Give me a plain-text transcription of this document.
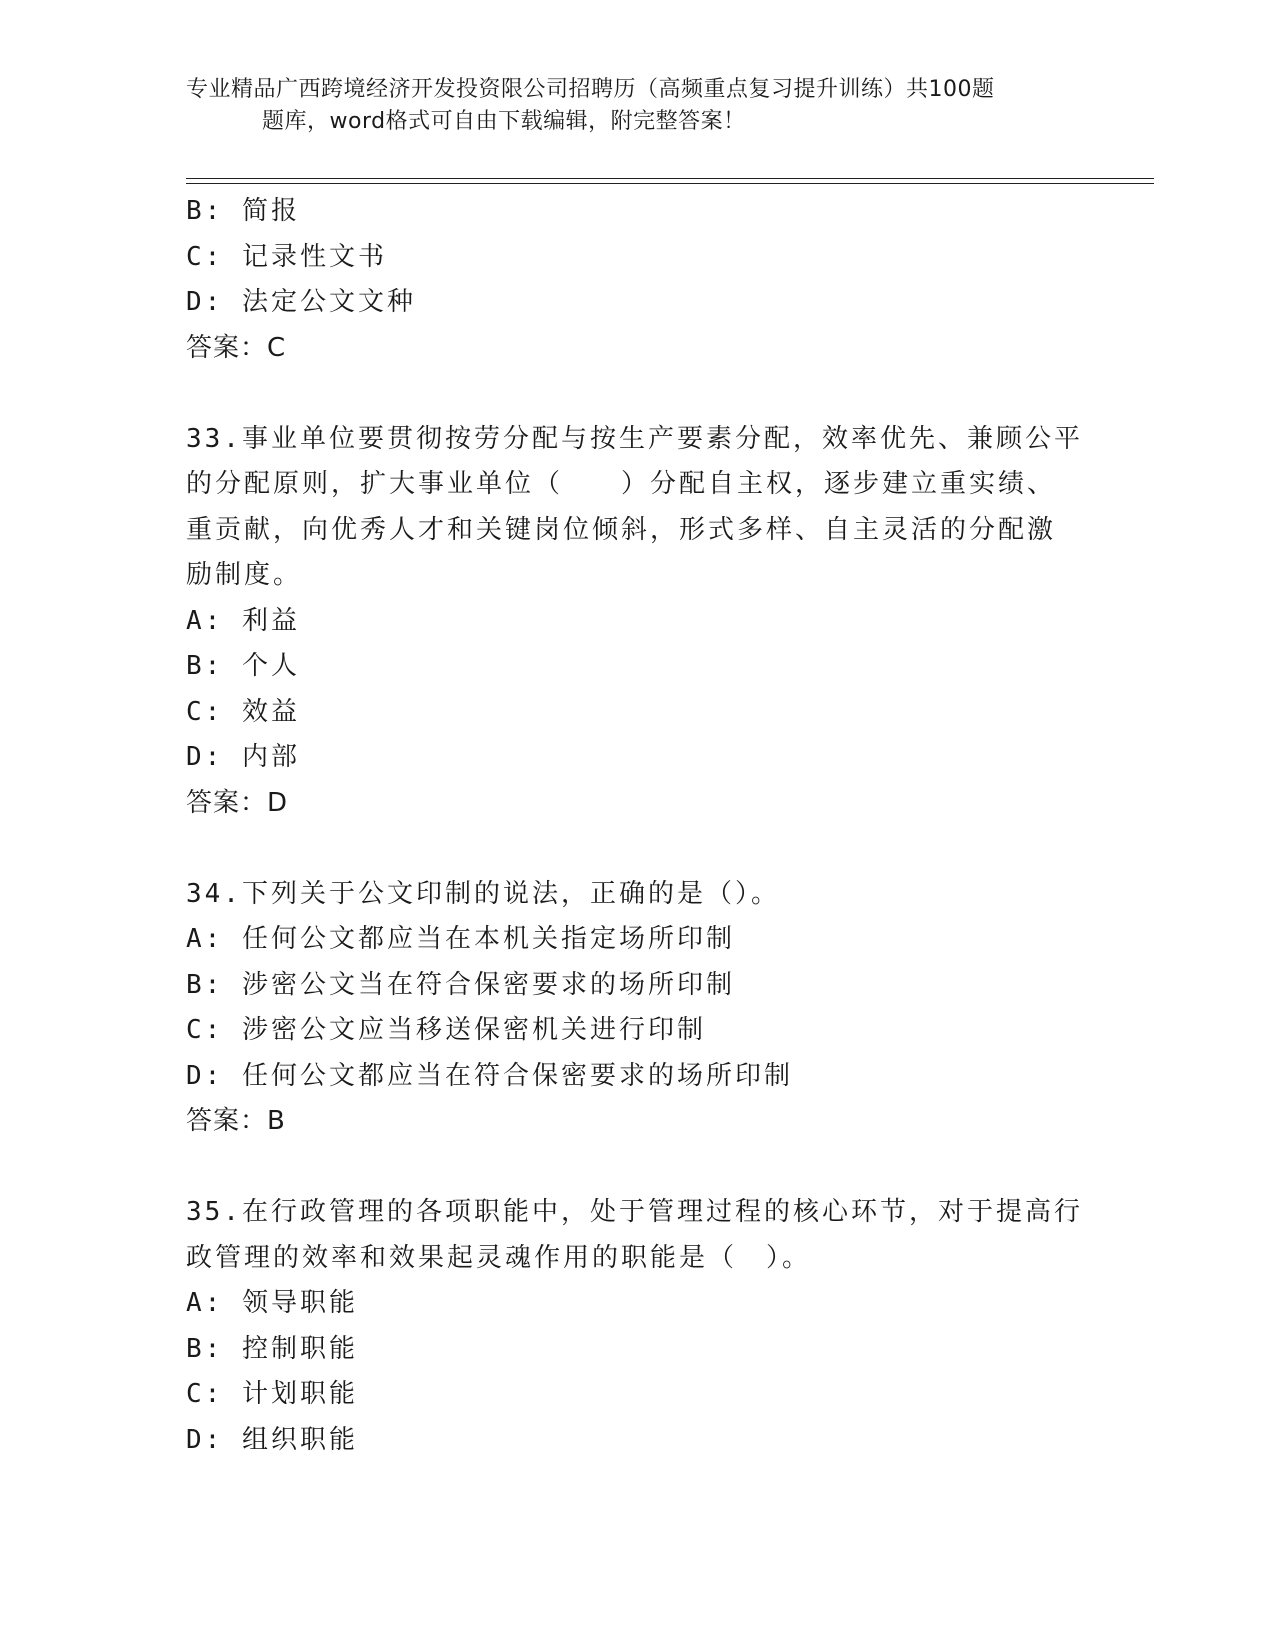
专业精品广西跨境经济开发投资限公司招聘历（高频重点复习提升训练）共100题
题库，word格式可自由下载编辑，附完整答案！
B: 简报
C: 记录性文书
D: 法定公文文种
答案：C
33.事业单位要贯彻按劳分配与按生产要素分配，效率优先、兼顾公平
的分配原则，扩大事业单位（　　）分配自主权，逐步建立重实绩、
重贡献，向优秀人才和关键岗位倾斜，形式多样、自主灵活的分配激
励制度。
A: 利益
B: 个人
C: 效益
D: 内部
答案：D
34.下列关于公文印制的说法，正确的是（）。
A: 任何公文都应当在本机关指定场所印制
B: 涉密公文当在符合保密要求的场所印制
C: 涉密公文应当移送保密机关进行印制
D: 任何公文都应当在符合保密要求的场所印制
答案：B
35.在行政管理的各项职能中，处于管理过程的核心环节，对于提高行
政管理的效率和效果起灵魂作用的职能是（　）。
A: 领导职能
B: 控制职能
C: 计划职能
D: 组织职能
